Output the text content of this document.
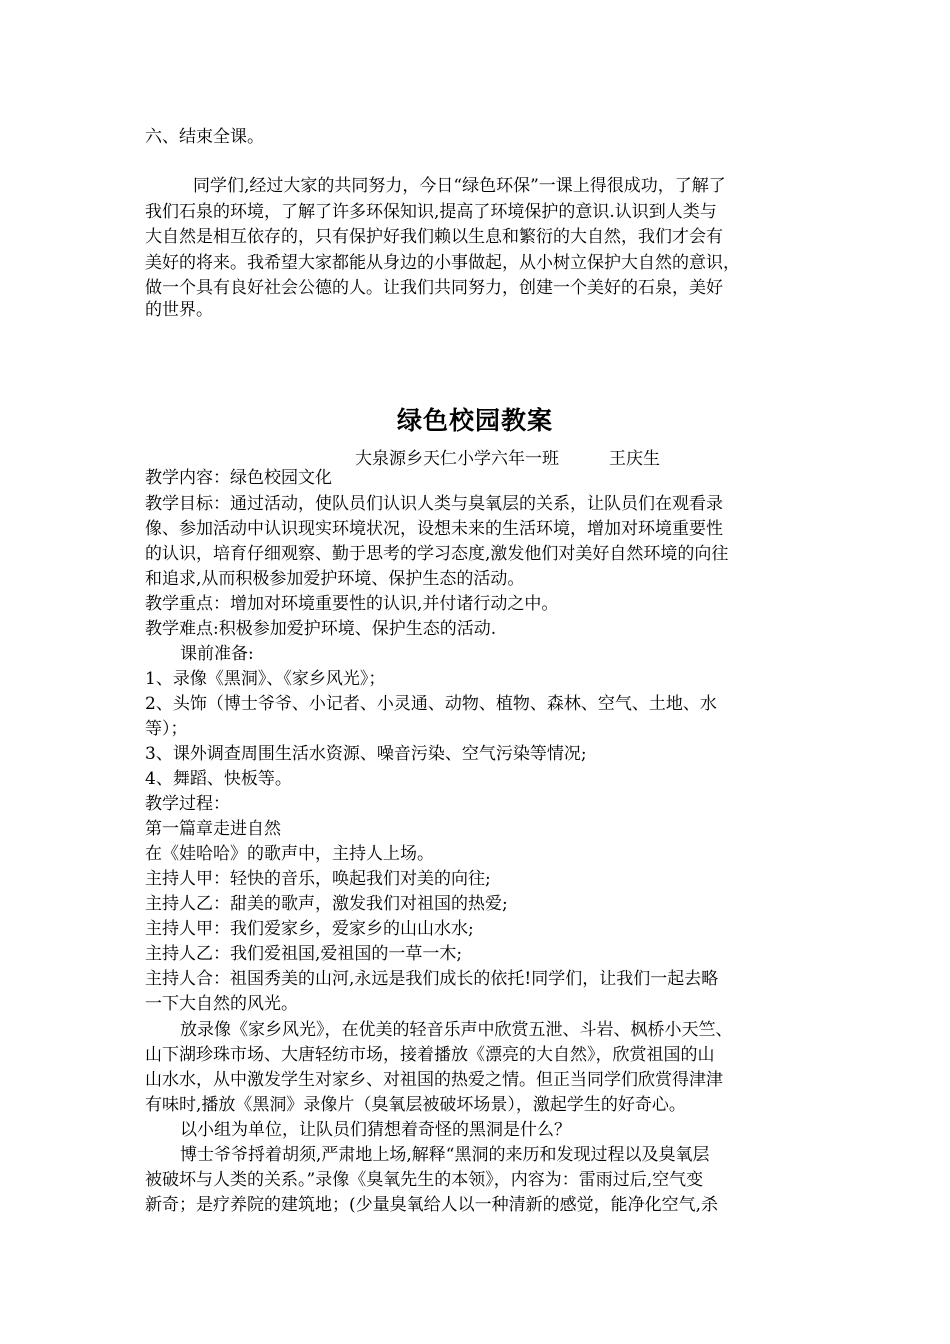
六、结束全课。
同学们,经过大家的共同努力，今日“绿色环保”一课上得很成功，了解了
我们石泉的环境，了解了许多环保知识,提高了环境保护的意识.认识到人类与
大自然是相互依存的，只有保护好我们赖以生息和繁衍的大自然，我们才会有
美好的将来。我希望大家都能从身边的小事做起，从小树立保护大自然的意识，
做一个具有良好社会公德的人。让我们共同努力，创建一个美好的石泉，美好
的世界。
绿色校园教案
大泉源乡天仁小学六年一班	王庆生
教学内容：绿色校园文化
教学目标：通过活动，使队员们认识人类与臭氧层的关系，让队员们在观看录
像、参加活动中认识现实环境状况，设想未来的生活环境，增加对环境重要性
的认识，培育仔细观察、勤于思考的学习态度,激发他们对美好自然环境的向往
和追求,从而积极参加爱护环境、保护生态的活动。
教学重点：增加对环境重要性的认识,并付诸行动之中。
教学难点:积极参加爱护环境、保护生态的活动.
课前准备:
1、录像《黑洞》、《家乡风光》；
2、头饰（博士爷爷、小记者、小灵通、动物、植物、森林、空气、土地、水
等）；
3、课外调查周围生活水资源、噪音污染、空气污染等情况;
4、舞蹈、快板等。
教学过程：
第一篇章走进自然
在《娃哈哈》的歌声中，主持人上场。
主持人甲：轻快的音乐，唤起我们对美的向往;
主持人乙：甜美的歌声，激发我们对祖国的热爱;
主持人甲：我们爱家乡，爱家乡的山山水水;
主持人乙：我们爱祖国,爱祖国的一草一木;
主持人合：祖国秀美的山河,永远是我们成长的依托!同学们，让我们一起去略
一下大自然的风光。
放录像《家乡风光》，在优美的轻音乐声中欣赏五泄、斗岩、枫桥小天竺、
山下湖珍珠市场、大唐轻纺市场，接着播放《漂亮的大自然》，欣赏祖国的山
山水水，从中激发学生对家乡、对祖国的热爱之情。但正当同学们欣赏得津津
有味时,播放《黑洞》录像片（臭氧层被破坏场景），激起学生的好奇心。
以小组为单位，让队员们猜想着奇怪的黑洞是什么？
博士爷爷捋着胡须,严肃地上场,解释“黑洞的来历和发现过程以及臭氧层
被破坏与人类的关系。”录像《臭氧先生的本领》，内容为：雷雨过后,空气变
新奇；是疗养院的建筑地；(少量臭氧给人以一种清新的感觉，能净化空气,杀
